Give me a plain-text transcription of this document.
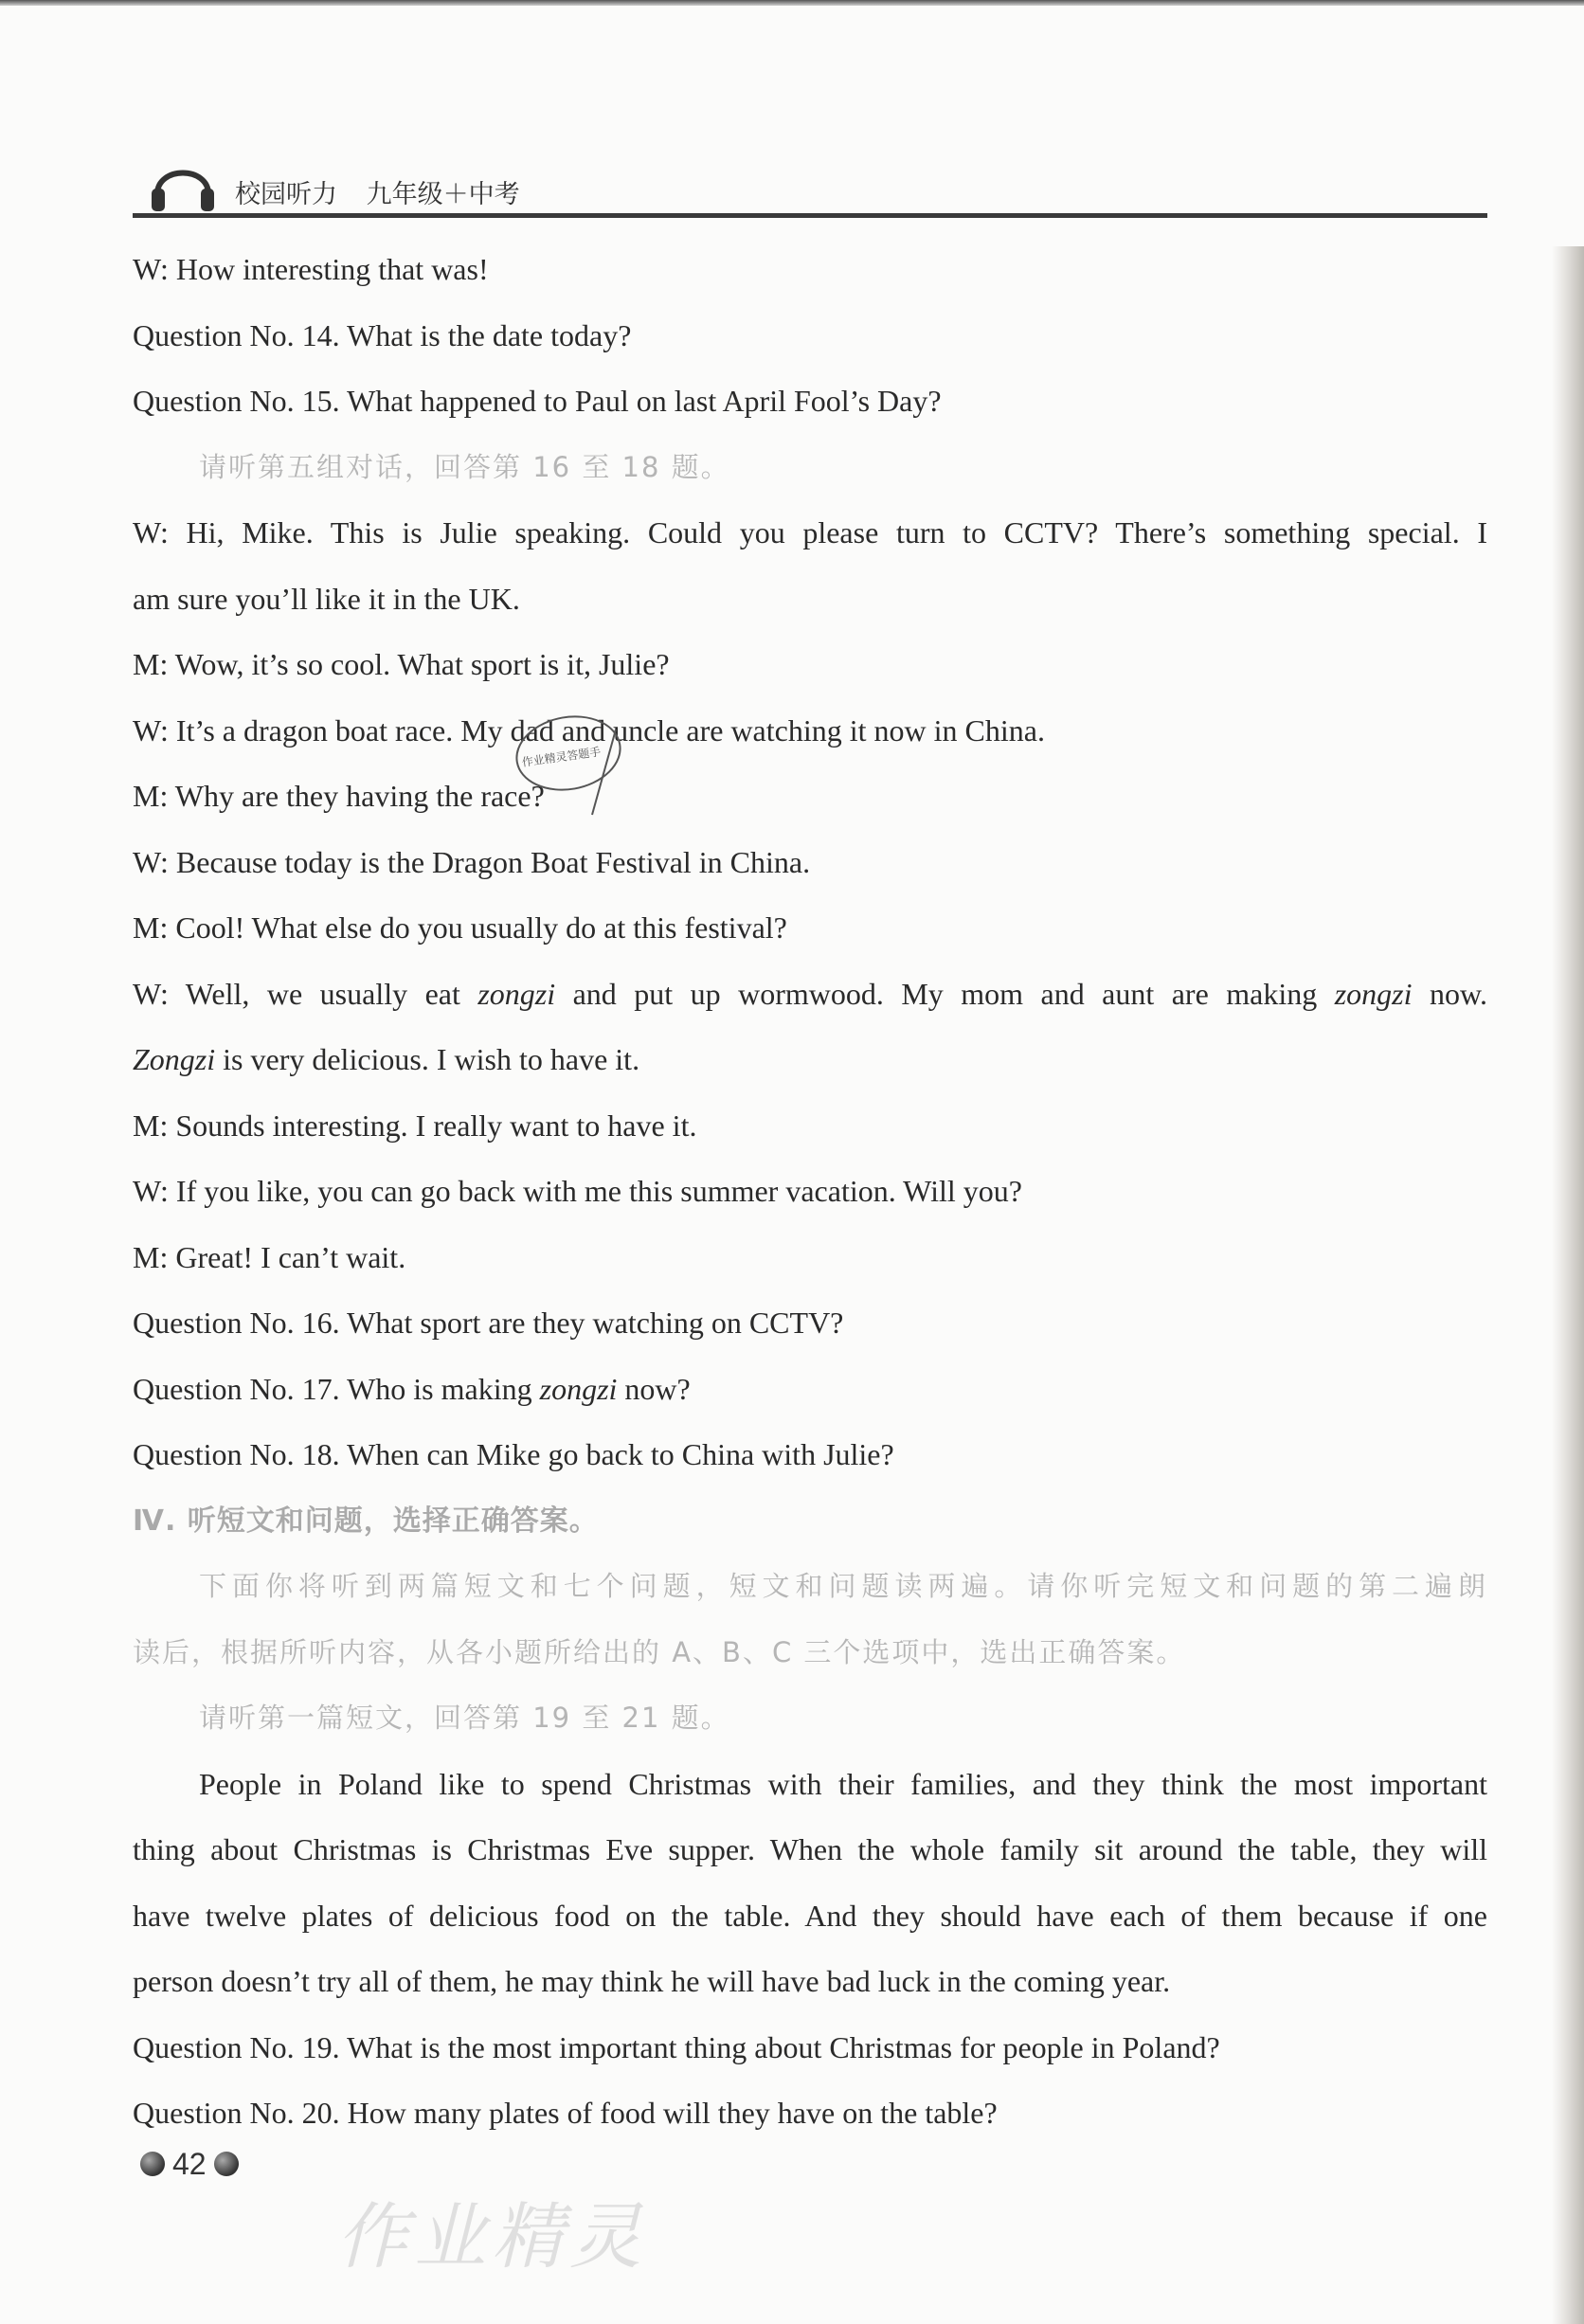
校园听力 九年级＋中考
W: How interesting that was!
Question No. 14. What is the date today?
Question No. 15. What happened to Paul on last April Fool’s Day?
请听第五组对话，回答第 16 至 18 题。
W: Hi, Mike. This is Julie speaking. Could you please turn to CCTV? There’s something special. I
am sure you’ll like it in the UK.
M: Wow, it’s so cool. What sport is it, Julie?
W: It’s a dragon boat race. My dad and uncle are watching it now in China.
M: Why are they having the race?
W: Because today is the Dragon Boat Festival in China.
M: Cool! What else do you usually do at this festival?
W: Well, we usually eat zongzi and put up wormwood. My mom and aunt are making zongzi now.
Zongzi is very delicious. I wish to have it.
M: Sounds interesting. I really want to have it.
W: If you like, you can go back with me this summer vacation. Will you?
M: Great! I can’t wait.
Question No. 16. What sport are they watching on CCTV?
Question No. 17. Who is making zongzi now?
Question No. 18. When can Mike go back to China with Julie?
Ⅳ. 听短文和问题，选择正确答案。
下面你将听到两篇短文和七个问题，短文和问题读两遍。请你听完短文和问题的第二遍朗
读后，根据所听内容，从各小题所给出的 A、B、C 三个选项中，选出正确答案。
请听第一篇短文，回答第 19 至 21 题。
People in Poland like to spend Christmas with their families, and they think the most important
thing about Christmas is Christmas Eve supper. When the whole family sit around the table, they will
have twelve plates of delicious food on the table. And they should have each of them because if one
person doesn’t try all of them, he may think he will have bad luck in the coming year.
Question No. 19. What is the most important thing about Christmas for people in Poland?
Question No. 20. How many plates of food will they have on the table?
作业精灵答题手
42
作业精灵
